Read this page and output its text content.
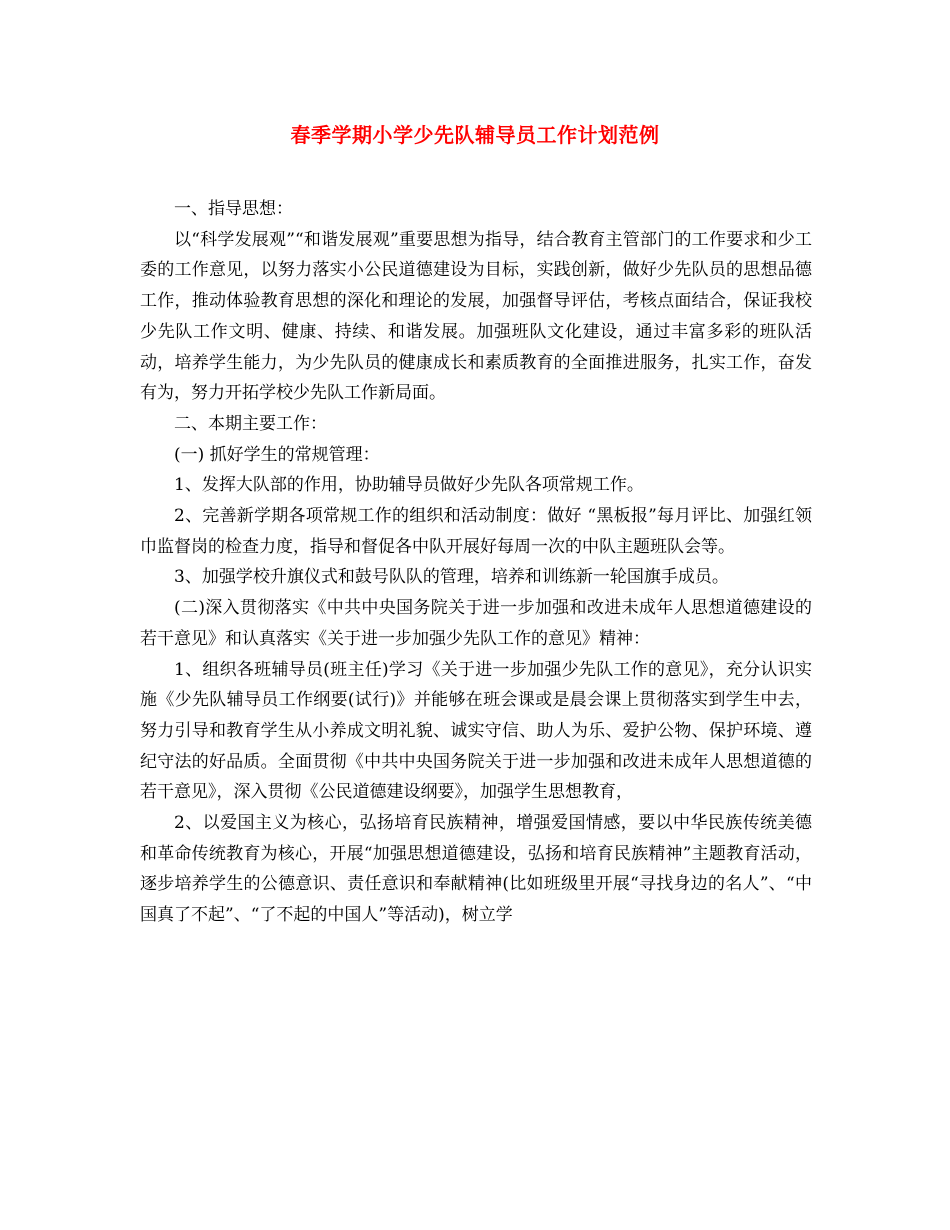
春季学期小学少先队辅导员工作计划范例

一、指导思想：

以“科学发展观”“和谐发展观”重要思想为指导，结合教育主管部门的工作要求和少工委的工作意见，以努力落实小公民道德建设为目标，实践创新，做好少先队员的思想品德工作，推动体验教育思想的深化和理论的发展，加强督导评估，考核点面结合，保证我校少先队工作文明、健康、持续、和谐发展。加强班队文化建设，通过丰富多彩的班队活动，培养学生能力，为少先队员的健康成长和素质教育的全面推进服务，扎实工作，奋发有为，努力开拓学校少先队工作新局面。

二、本期主要工作：

(一) 抓好学生的常规管理：

1、发挥大队部的作用，协助辅导员做好少先队各项常规工作。

2、完善新学期各项常规工作的组织和活动制度：做好 “黑板报”每月评比、加强红领巾监督岗的检查力度，指导和督促各中队开展好每周一次的中队主题班队会等。

3、加强学校升旗仪式和鼓号队队的管理，培养和训练新一轮国旗手成员。

(二)深入贯彻落实《中共中央国务院关于进一步加强和改进未成年人思想道德建设的若干意见》和认真落实《关于进一步加强少先队工作的意见》精神：

1、组织各班辅导员(班主任)学习《关于进一步加强少先队工作的意见》，充分认识实施《少先队辅导员工作纲要(试行)》并能够在班会课或是晨会课上贯彻落实到学生中去，努力引导和教育学生从小养成文明礼貌、诚实守信、助人为乐、爱护公物、保护环境、遵纪守法的好品质。全面贯彻《中共中央国务院关于进一步加强和改进未成年人思想道德的若干意见》，深入贯彻《公民道德建设纲要》，加强学生思想教育，

2、以爱国主义为核心，弘扬培育民族精神，增强爱国情感，要以中华民族传统美德和革命传统教育为核心，开展“加强思想道德建设，弘扬和培育民族精神”主题教育活动，逐步培养学生的公德意识、责任意识和奉献精神(比如班级里开展“寻找身边的名人”、“中国真了不起”、“了不起的中国人”等活动)，树立学
